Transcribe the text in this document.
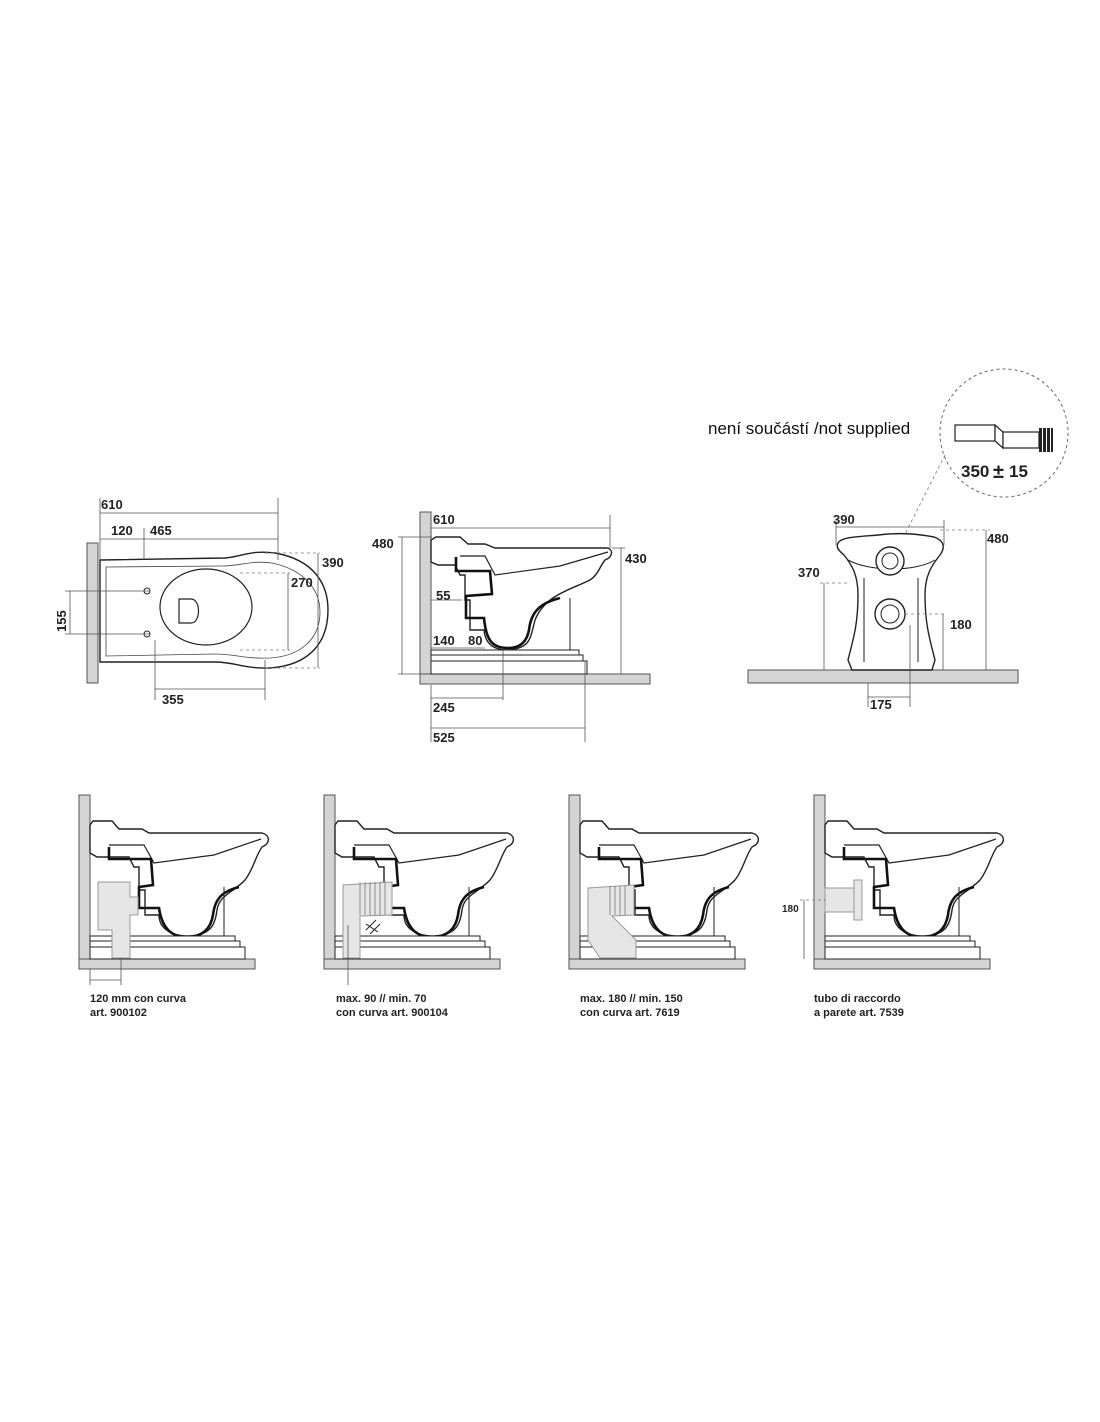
není součástí /not supplied
350 ± 15
610
120 465
390
270
155
355
610
480
430
55
140 80
245
525
390
480
370
180
175
120 mm con curva
art. 900102
max. 90 // min. 70
con curva art. 900104
max. 180 // min. 150
con curva art. 7619
180
tubo di raccordo
a parete art. 7539
